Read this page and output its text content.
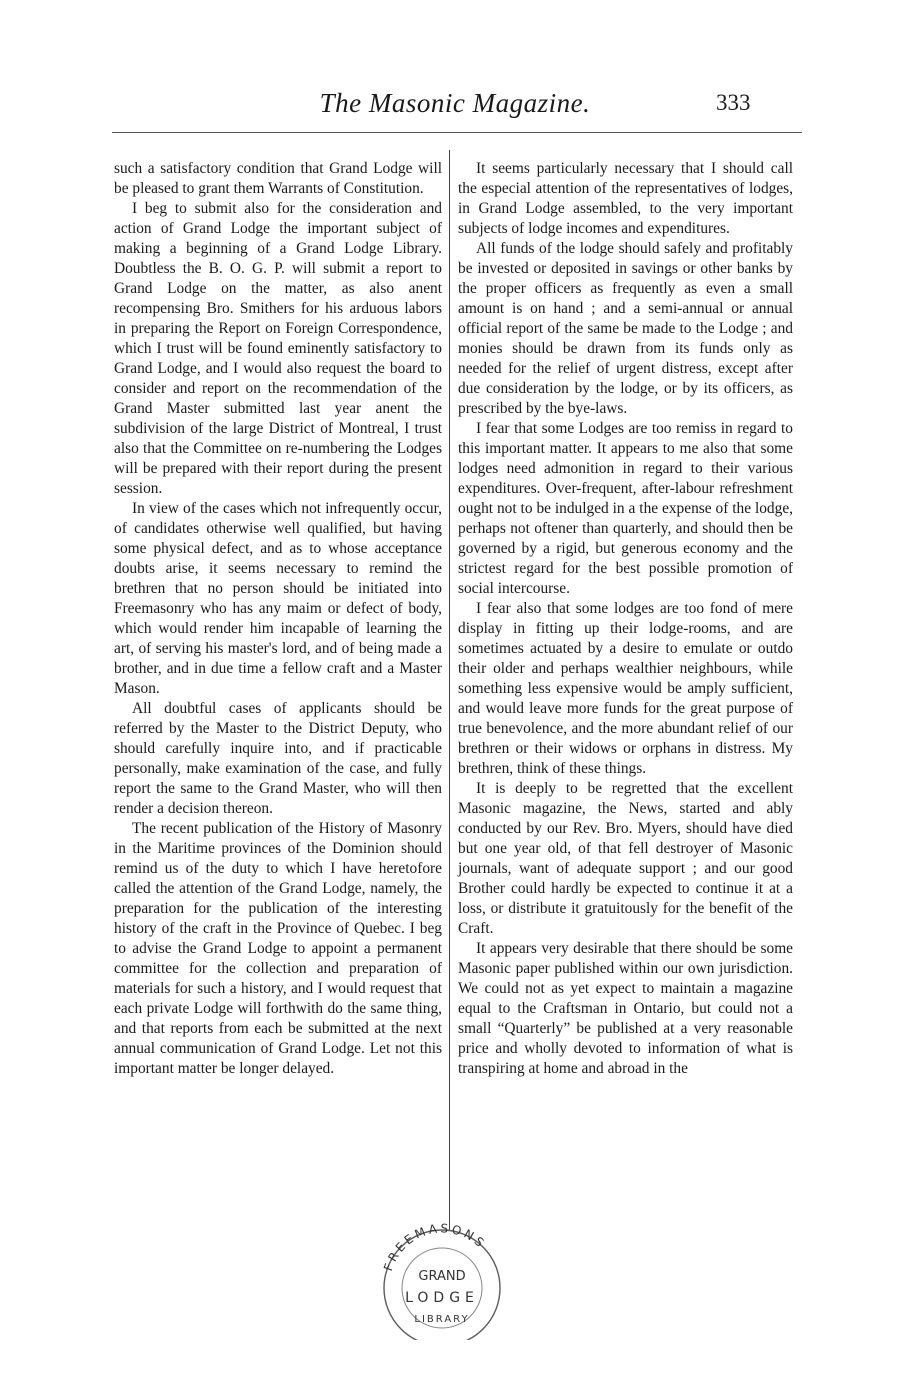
The Masonic Magazine.	333

such a satisfactory condition that Grand Lodge will be pleased to grant them Warrants of Constitution.

I beg to submit also for the consideration and action of Grand Lodge the important subject of making a beginning of a Grand Lodge Library. Doubtless the B. O. G. P. will submit a report to Grand Lodge on the matter, as also anent recompensing Bro. Smithers for his arduous labors in preparing the Report on Foreign Correspondence, which I trust will be found eminently satisfactory to Grand Lodge, and I would also request the board to consider and report on the recommendation of the Grand Master submitted last year anent the subdivision of the large District of Montreal, I trust also that the Committee on re-numbering the Lodges will be prepared with their report during the present session.

In view of the cases which not infrequently occur, of candidates otherwise well qualified, but having some physical defect, and as to whose acceptance doubts arise, it seems necessary to remind the brethren that no person should be initiated into Freemasonry who has any maim or defect of body, which would render him incapable of learning the art, of serving his master's lord, and of being made a brother, and in due time a fellow craft and a Master Mason.

All doubtful cases of applicants should be referred by the Master to the District Deputy, who should carefully inquire into, and if practicable personally, make examination of the case, and fully report the same to the Grand Master, who will then render a decision thereon.

The recent publication of the History of Masonry in the Maritime provinces of the Dominion should remind us of the duty to which I have heretofore called the attention of the Grand Lodge, namely, the preparation for the publication of the interesting history of the craft in the Province of Quebec. I beg to advise the Grand Lodge to appoint a permanent committee for the collection and preparation of materials for such a history, and I would request that each private Lodge will forthwith do the same thing, and that reports from each be submitted at the next annual communication of Grand Lodge. Let not this important matter be longer delayed.

It seems particularly necessary that I should call the especial attention of the representatives of lodges, in Grand Lodge assembled, to the very important subjects of lodge incomes and expenditures.

All funds of the lodge should safely and profitably be invested or deposited in savings or other banks by the proper officers as frequently as even a small amount is on hand ; and a semi-annual or annual official report of the same be made to the Lodge ; and monies should be drawn from its funds only as needed for the relief of urgent distress, except after due consideration by the lodge, or by its officers, as prescribed by the bye-laws.

I fear that some Lodges are too remiss in regard to this important matter. It appears to me also that some lodges need admonition in regard to their various expenditures. Over-frequent, after-labour refreshment ought not to be indulged in a the expense of the lodge, perhaps not oftener than quarterly, and should then be governed by a rigid, but generous economy and the strictest regard for the best possible promotion of social intercourse.

I fear also that some lodges are too fond of mere display in fitting up their lodge-rooms, and are sometimes actuated by a desire to emulate or outdo their older and perhaps wealthier neighbours, while something less expensive would be amply sufficient, and would leave more funds for the great purpose of true benevolence, and the more abundant relief of our brethren or their widows or orphans in distress. My brethren, think of these things.

It is deeply to be regretted that the excellent Masonic magazine, the News, started and ably conducted by our Rev. Bro. Myers, should have died but one year old, of that fell destroyer of Masonic journals, want of adequate support ; and our good Brother could hardly be expected to continue it at a loss, or distribute it gratuitously for the benefit of the Craft.

It appears very desirable that there should be some Masonic paper published within our own jurisdiction. We could not as yet expect to maintain a magazine equal to the Craftsman in Ontario, but could not a small “Quarterly” be published at a very reasonable price and wholly devoted to information of what is transpiring at home and abroad in the

FREEMASONS
GRAND
LODGE
LIBRARY
